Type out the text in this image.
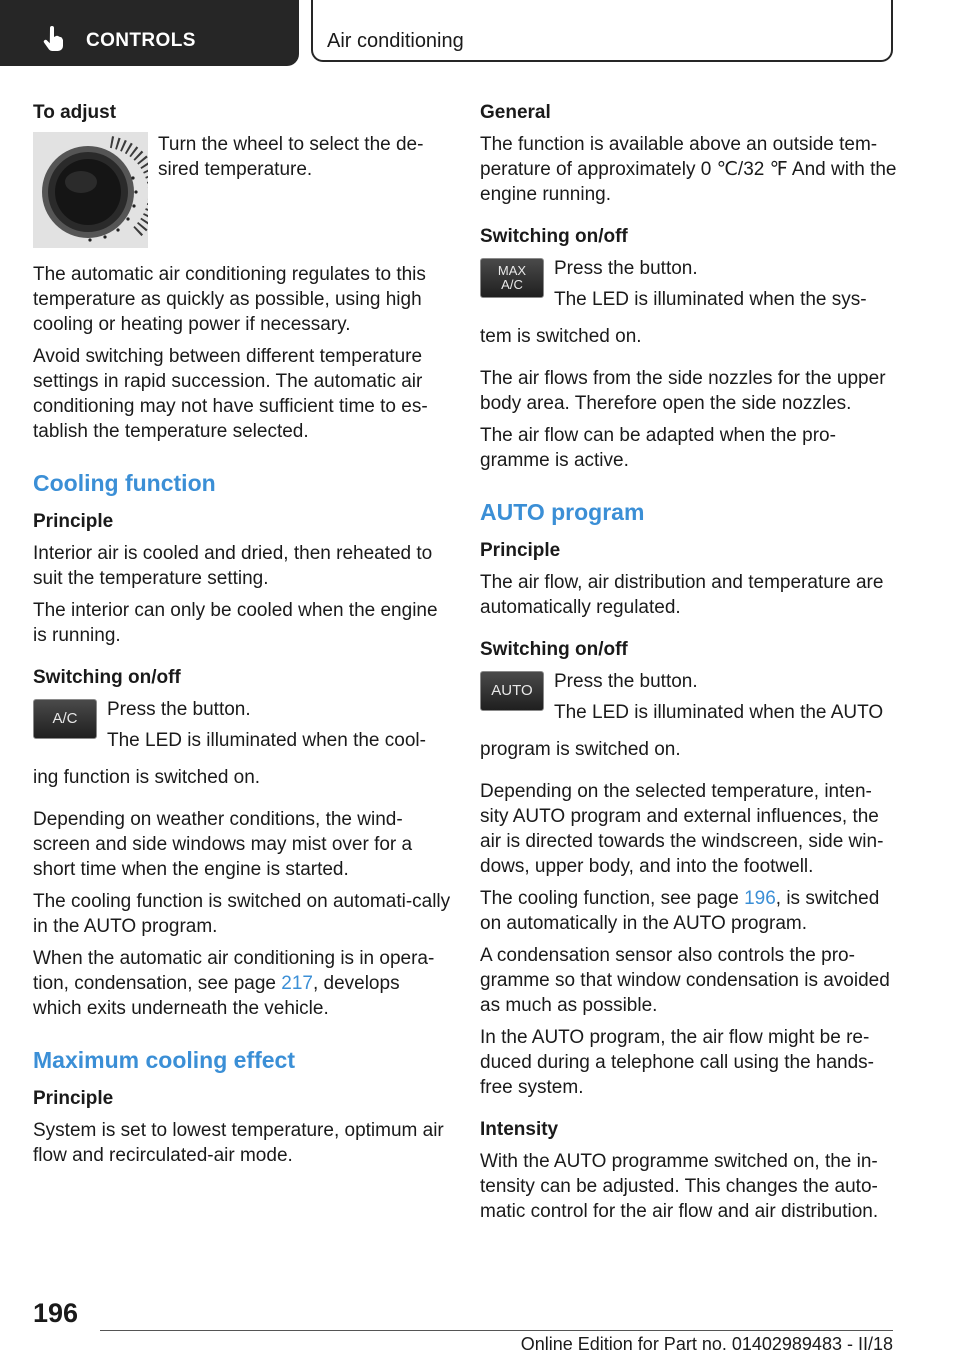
CONTROLS	Air conditioning
To adjust
Turn the wheel to select the de-sired temperature.
The automatic air conditioning regulates to this temperature as quickly as possible, using high cooling or heating power if necessary.
Avoid switching between different temperature settings in rapid succession. The automatic air conditioning may not have sufficient time to es-tablish the temperature selected.
Cooling function
Principle
Interior air is cooled and dried, then reheated to suit the temperature setting.
The interior can only be cooled when the engine is running.
Switching on/off
A/C	Press the button.
The LED is illuminated when the cool-
ing function is switched on.
Depending on weather conditions, the wind-screen and side windows may mist over for a short time when the engine is started.
The cooling function is switched on automati-cally in the AUTO program.
When the automatic air conditioning is in opera-tion, condensation, see page 217, develops which exits underneath the vehicle.
Maximum cooling effect
Principle
System is set to lowest temperature, optimum air flow and recirculated-air mode.
General
The function is available above an outside tem-perature of approximately 0 ℃/32 ℉ And with the engine running.
Switching on/off
MAX
A/C
Press the button.
The LED is illuminated when the sys-
tem is switched on.
The air flows from the side nozzles for the upper body area. Therefore open the side nozzles.
The air flow can be adapted when the pro-gramme is active.
AUTO program
Principle
The air flow, air distribution and temperature are automatically regulated.
Switching on/off
AUTO	Press the button.
The LED is illuminated when the AUTO
program is switched on.
Depending on the selected temperature, inten-sity AUTO program and external influences, the air is directed towards the windscreen, side win-dows, upper body, and into the footwell.
The cooling function, see page 196, is switched on automatically in the AUTO program.
A condensation sensor also controls the pro-gramme so that window condensation is avoided as much as possible.
In the AUTO program, the air flow might be re-duced during a telephone call using the hands-free system.
Intensity
With the AUTO programme switched on, the in-tensity can be adjusted. This changes the auto-matic control for the air flow and air distribution.
196
Online Edition for Part no. 01402989483 - II/18
